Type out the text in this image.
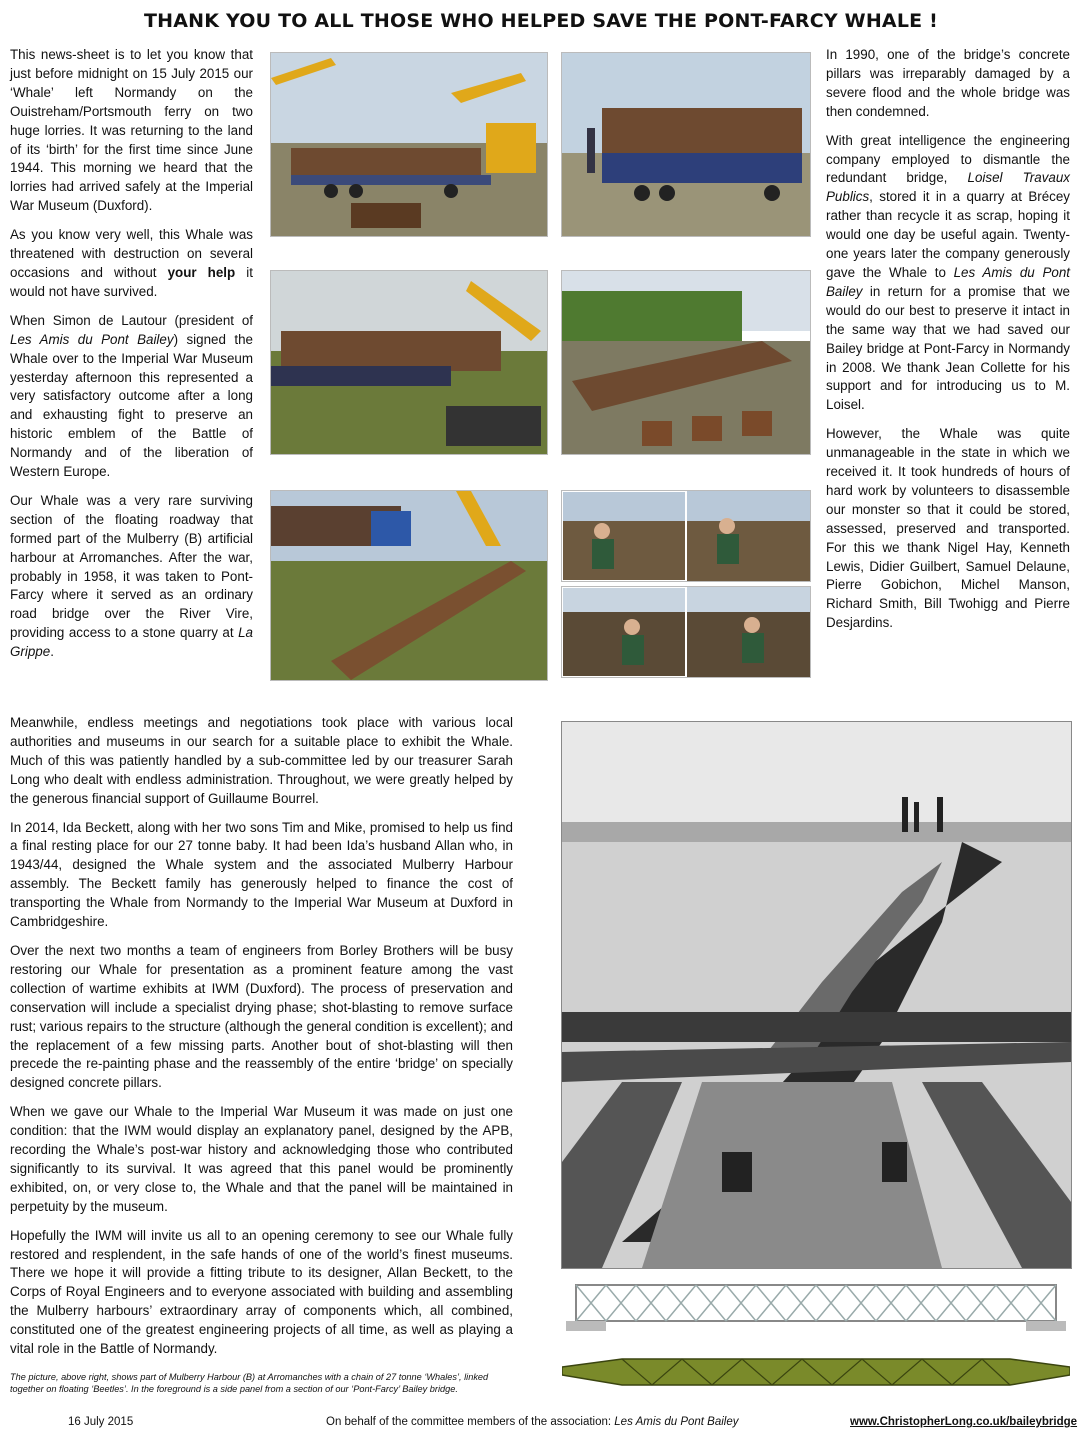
THANK YOU TO ALL THOSE WHO HELPED SAVE THE PONT-FARCY WHALE !

This news-sheet is to let you know that just before midnight on 15 July 2015 our ‘Whale’ left Normandy on the Ouistreham/Portsmouth ferry on two huge lorries. It was returning to the land of its ‘birth’ for the first time since June 1944. This morning we heard that the lorries had arrived safely at the Imperial War Museum (Duxford).

As you know very well, this Whale was threatened with destruction on several occasions and without your help it would not have survived.

When Simon de Lautour (president of Les Amis du Pont Bailey) signed the Whale over to the Imperial War Museum yesterday afternoon this represented a very satisfactory outcome after a long and exhausting fight to preserve an historic emblem of the Battle of Normandy and of the liberation of Western Europe.

Our Whale was a very rare surviving section of the floating roadway that formed part of the Mulberry (B) artificial harbour at Arromanches. After the war, probably in 1958, it was taken to Pont-Farcy where it served as an ordinary road bridge over the River Vire, providing access to a stone quarry at La Grippe.

In 1990, one of the bridge’s concrete pillars was irreparably damaged by a severe flood and the whole bridge was then condemned.

With great intelligence the engineering company employed to dismantle the redundant bridge, Loisel Travaux Publics, stored it in a quarry at Brécey rather than recycle it as scrap, hoping it would one day be useful again. Twenty-one years later the company generously gave the Whale to Les Amis du Pont Bailey in return for a promise that we would do our best to preserve it intact in the same way that we had saved our Bailey bridge at Pont-Farcy in Normandy in 2008. We thank Jean Collette for his support and for introducing us to M. Loisel.

However, the Whale was quite unmanageable in the state in which we received it. It took hundreds of hours of hard work by volunteers to disassemble our monster so that it could be stored, assessed, preserved and transported. For this we thank Nigel Hay, Kenneth Lewis, Didier Guilbert, Samuel Delaune, Pierre Gobichon, Michel Manson, Richard Smith, Bill Twohigg and Pierre Desjardins.

Meanwhile, endless meetings and negotiations took place with various local authorities and museums in our search for a suitable place to exhibit the Whale. Much of this was patiently handled by a sub-committee led by our treasurer Sarah Long who dealt with endless administration. Throughout, we were greatly helped by the generous financial support of Guillaume Bourrel.

In 2014, Ida Beckett, along with her two sons Tim and Mike, promised to help us find a final resting place for our 27 tonne baby. It had been Ida’s husband Allan who, in 1943/44, designed the Whale system and the associated Mulberry Harbour assembly. The Beckett family has generously helped to finance the cost of transporting the Whale from Normandy to the Imperial War Museum at Duxford in Cambridgeshire.

Over the next two months a team of engineers from Borley Brothers will be busy restoring our Whale for presentation as a prominent feature among the vast collection of wartime exhibits at IWM (Duxford). The process of preservation and conservation will include a specialist drying phase; shot-blasting to remove surface rust; various repairs to the structure (although the general condition is excellent); and the replacement of a few missing parts. Another bout of shot-blasting will then precede the re-painting phase and the reassembly of the entire ‘bridge’ on specially designed concrete pillars.

When we gave our Whale to the Imperial War Museum it was made on just one condition: that the IWM would display an explanatory panel, designed by the APB, recording the Whale’s post-war history and acknowledging those who contributed significantly to its survival. It was agreed that this panel would be prominently exhibited, on, or very close to, the Whale and that the panel will be maintained in perpetuity by the museum.

Hopefully the IWM will invite us all to an opening ceremony to see our Whale fully restored and resplendent, in the safe hands of one of the world’s finest museums. There we hope it will provide a fitting tribute to its designer, Allan Beckett, to the Corps of Royal Engineers and to everyone associated with building and assembling the Mulberry harbours’ extraordinary array of components which, all combined, constituted one of the greatest engineering projects of all time, as well as playing a vital role in the Battle of Normandy.

The picture, above right, shows part of Mulberry Harbour (B) at Arromanches with a chain of 27 tonne ‘Whales’, linked together on floating ‘Beetles’. In the foreground is a side panel from a section of our ‘Pont-Farcy’ Bailey bridge.
16 July 2015	On behalf of the committee members of the association: Les Amis du Pont Bailey	www.ChristopherLong.co.uk/baileybridge
